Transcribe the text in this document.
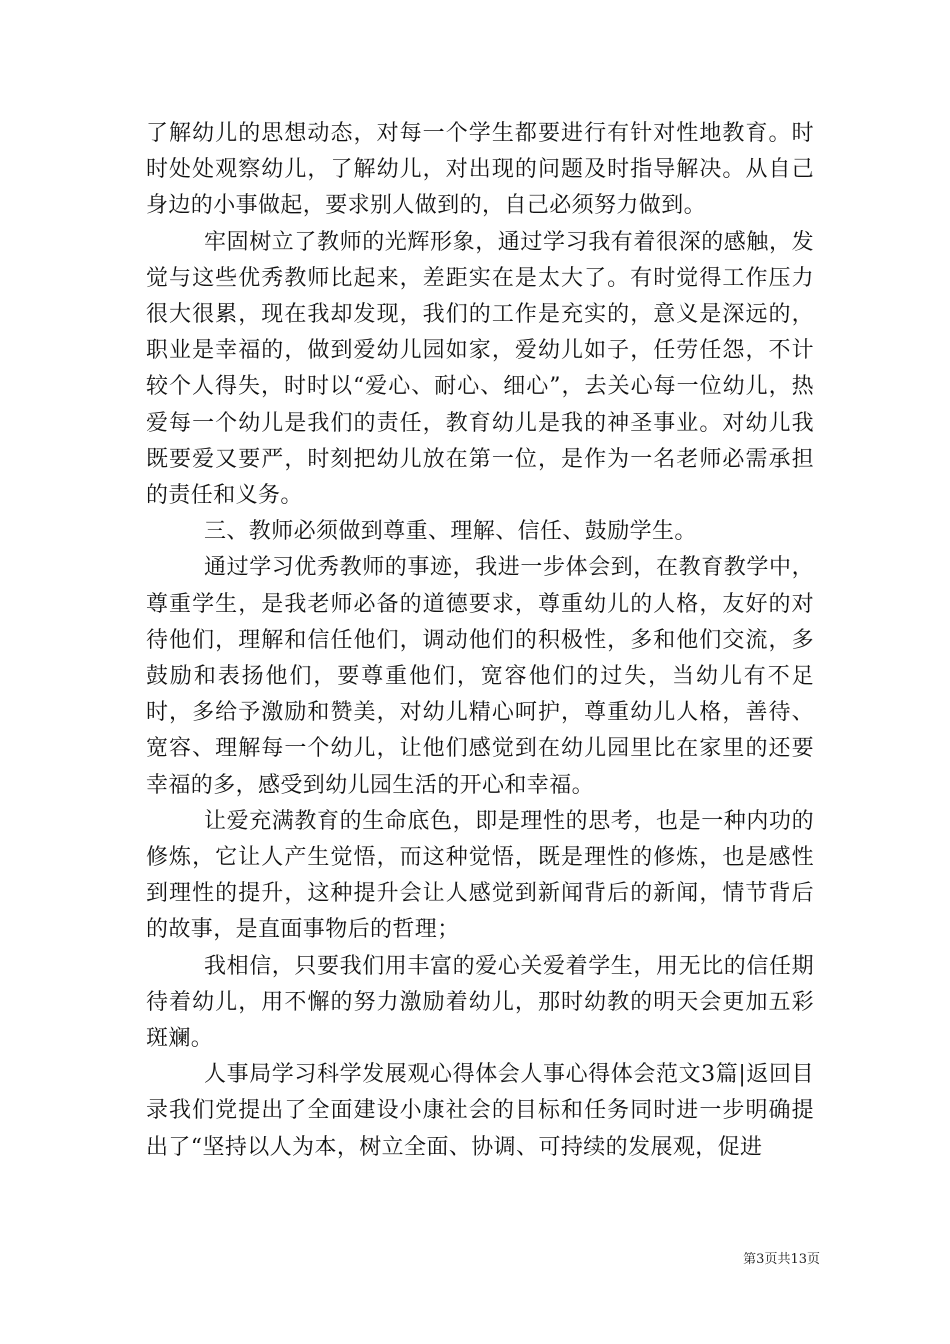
了解幼儿的思想动态，对每一个学生都要进行有针对性地教育。时时处处观察幼儿，了解幼儿，对出现的问题及时指导解决。从自己身边的小事做起，要求别人做到的，自己必须努力做到。

牢固树立了教师的光辉形象，通过学习我有着很深的感触，发觉与这些优秀教师比起来，差距实在是太大了。有时觉得工作压力很大很累，现在我却发现，我们的工作是充实的，意义是深远的，职业是幸福的，做到爱幼儿园如家，爱幼儿如子，任劳任怨，不计较个人得失，时时以“爱心、耐心、细心”，去关心每一位幼儿，热爱每一个幼儿是我们的责任，教育幼儿是我的神圣事业。对幼儿我既要爱又要严，时刻把幼儿放在第一位，是作为一名老师必需承担的责任和义务。

三、教师必须做到尊重、理解、信任、鼓励学生。

通过学习优秀教师的事迹，我进一步体会到，在教育教学中，尊重学生，是我老师必备的道德要求，尊重幼儿的人格，友好的对待他们，理解和信任他们，调动他们的积极性，多和他们交流，多鼓励和表扬他们，要尊重他们，宽容他们的过失，当幼儿有不足时，多给予激励和赞美，对幼儿精心呵护，尊重幼儿人格，善待、宽容、理解每一个幼儿，让他们感觉到在幼儿园里比在家里的还要幸福的多，感受到幼儿园生活的开心和幸福。

让爱充满教育的生命底色，即是理性的思考，也是一种内功的修炼，它让人产生觉悟，而这种觉悟，既是理性的修炼，也是感性到理性的提升，这种提升会让人感觉到新闻背后的新闻，情节背后的故事，是直面事物后的哲理；

我相信，只要我们用丰富的爱心关爱着学生，用无比的信任期待着幼儿，用不懈的努力激励着幼儿，那时幼教的明天会更加五彩斑斓。

人事局学习科学发展观心得体会人事心得体会范文3篇|返回目录我们党提出了全面建设小康社会的目标和任务同时进一步明确提出了“坚持以人为本，树立全面、协调、可持续的发展观，促进

第3页共13页
